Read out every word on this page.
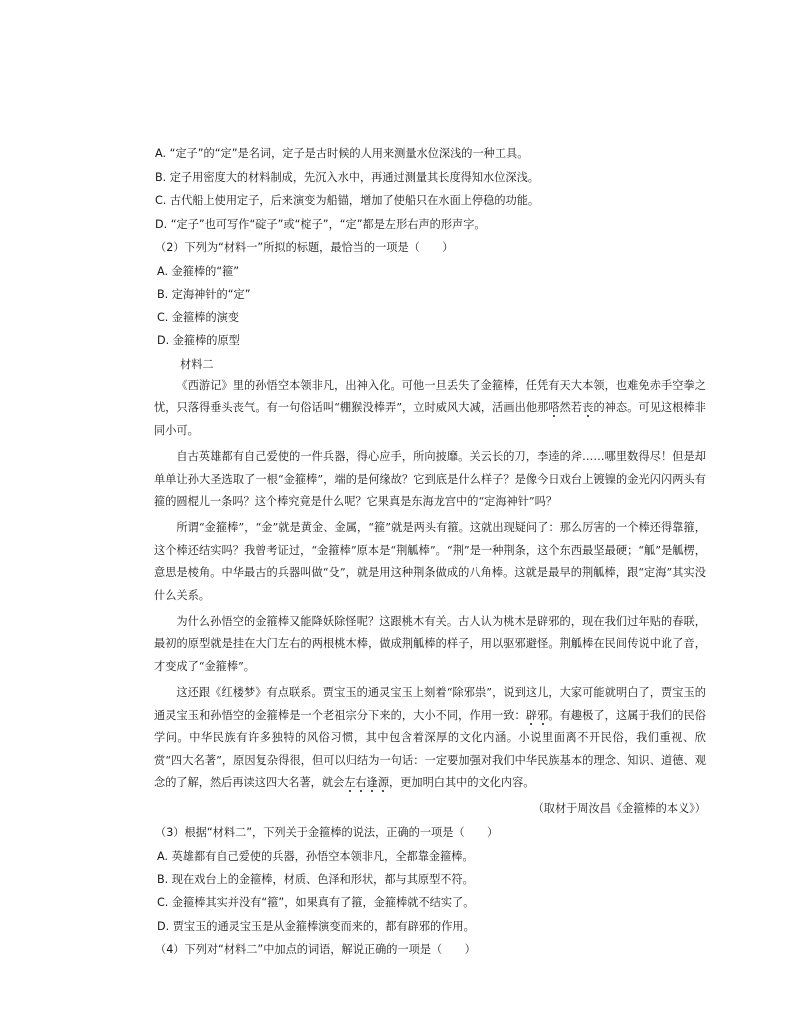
A. “定子”的“定”是名词，定子是古时候的人用来测量水位深浅的一种工具。
B. 定子用密度大的材料制成，先沉入水中，再通过测量其长度得知水位深浅。
C. 古代船上使用定子，后来演变为船锚，增加了使船只在水面上停稳的功能。
D. “定子”也可写作“碇子”或“椗子”，“定”都是左形右声的形声字。
（2）下列为“材料一”所拟的标题，最恰当的一项是（　　）
A. 金箍棒的“箍”
B. 定海神针的“定”
C. 金箍棒的演变
D. 金箍棒的原型
材料二

《西游记》里的孙悟空本领非凡，出神入化。可他一旦丢失了金箍棒，任凭有天大本领，也难免赤手空拳之忧，只落得垂头丧气。有一句俗话叫“棚猴没棒弄”，立时威风大减，活画出他那嗒然若丧的神态。可见这根棒非同小可。

自古英雄都有自己爱使的一件兵器，得心应手，所向披靡。关云长的刀，李逵的斧……哪里数得尽！但是却单单让孙大圣选取了一根“金箍棒”，端的是何缘故？它到底是什么样子？是像今日戏台上镀镍的金光闪闪两头有箍的圆棍儿一条吗？这个棒究竟是什么呢？它果真是东海龙宫中的“定海神针”吗？

所谓“金箍棒”，“金”就是黄金、金属，“箍”就是两头有箍。这就出现疑问了：那么厉害的一个棒还得靠箍，这个棒还结实吗？我曾考证过，“金箍棒”原本是“荆觚棒”。“荆”是一种荆条，这个东西最坚最硬；“觚”是觚楞，意思是棱角。中华最古的兵器叫做“殳”，就是用这种荆条做成的八角棒。这就是最早的荆觚棒，跟“定海”其实没什么关系。

为什么孙悟空的金箍棒又能降妖除怪呢？这跟桃木有关。古人认为桃木是辟邪的，现在我们过年贴的春联，最初的原型就是挂在大门左右的两根桃木棒，做成荆觚棒的样子，用以驱邪避怪。荆觚棒在民间传说中讹了音，才变成了“金箍棒”。

这还跟《红楼梦》有点联系。贾宝玉的通灵宝玉上刻着“除邪祟”，说到这儿，大家可能就明白了，贾宝玉的通灵宝玉和孙悟空的金箍棒是一个老祖宗分下来的，大小不同，作用一致：辟邪。有趣极了，这属于我们的民俗学问。中华民族有许多独特的风俗习惯，其中包含着深厚的文化内涵。小说里面离不开民俗，我们重视、欣赏“四大名著”，原因复杂得很，但可以归结为一句话：一定要加强对我们中华民族基本的理念、知识、道德、观念的了解，然后再读这四大名著，就会左右逢源，更加明白其中的文化内容。

（取材于周汝昌《金箍棒的本义》）
（3）根据“材料二”，下列关于金箍棒的说法，正确的一项是（　　）
A. 英雄都有自己爱使的兵器，孙悟空本领非凡，全都靠金箍棒。
B. 现在戏台上的金箍棒，材质、色泽和形状，都与其原型不符。
C. 金箍棒其实并没有“箍”，如果真有了箍，金箍棒就不结实了。
D. 贾宝玉的通灵宝玉是从金箍棒演变而来的，都有辟邪的作用。
（4）下列对“材料二”中加点的词语，解说正确的一项是（　　）
